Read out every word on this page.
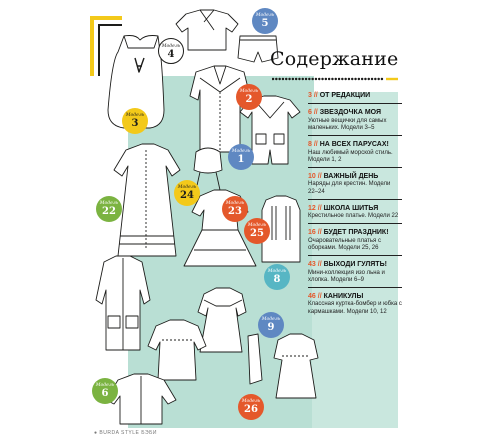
Модель
5
Модель
4
Модель
3
Модель
2
Модель
1
Модель
24
Модель
23
Модель
22
Модель
25
Модель
8
Модель
9
Модель
6
Модель
26
Содержание
3 // ОТ РЕДАКЦИИ
6 // ЗВЕЗДОЧКА МОЯ
Уютные вещички для самых маленьких. Модели 3–5
8 // НА ВСЕХ ПАРУСАХ!
Наш любимый морской стиль. Модели 1, 2
10 // ВАЖНЫЙ ДЕНЬ
Наряды для крестин. Модели 22–24
12 // ШКОЛА ШИТЬЯ
Крестильное платье. Модели 22
16 // БУДЕТ ПРАЗДНИК!
Очаровательные платья с оборками. Модели 25, 26
43 // ВЫХОДИ ГУЛЯТЬ!
Мини-коллекция изо льна и хлопка. Модели 6–9
46 // КАНИКУЛЫ
Классная куртка-бомбер и юбка с кармашками. Модели 10, 12
● BURDA STYLE БЭБИ
